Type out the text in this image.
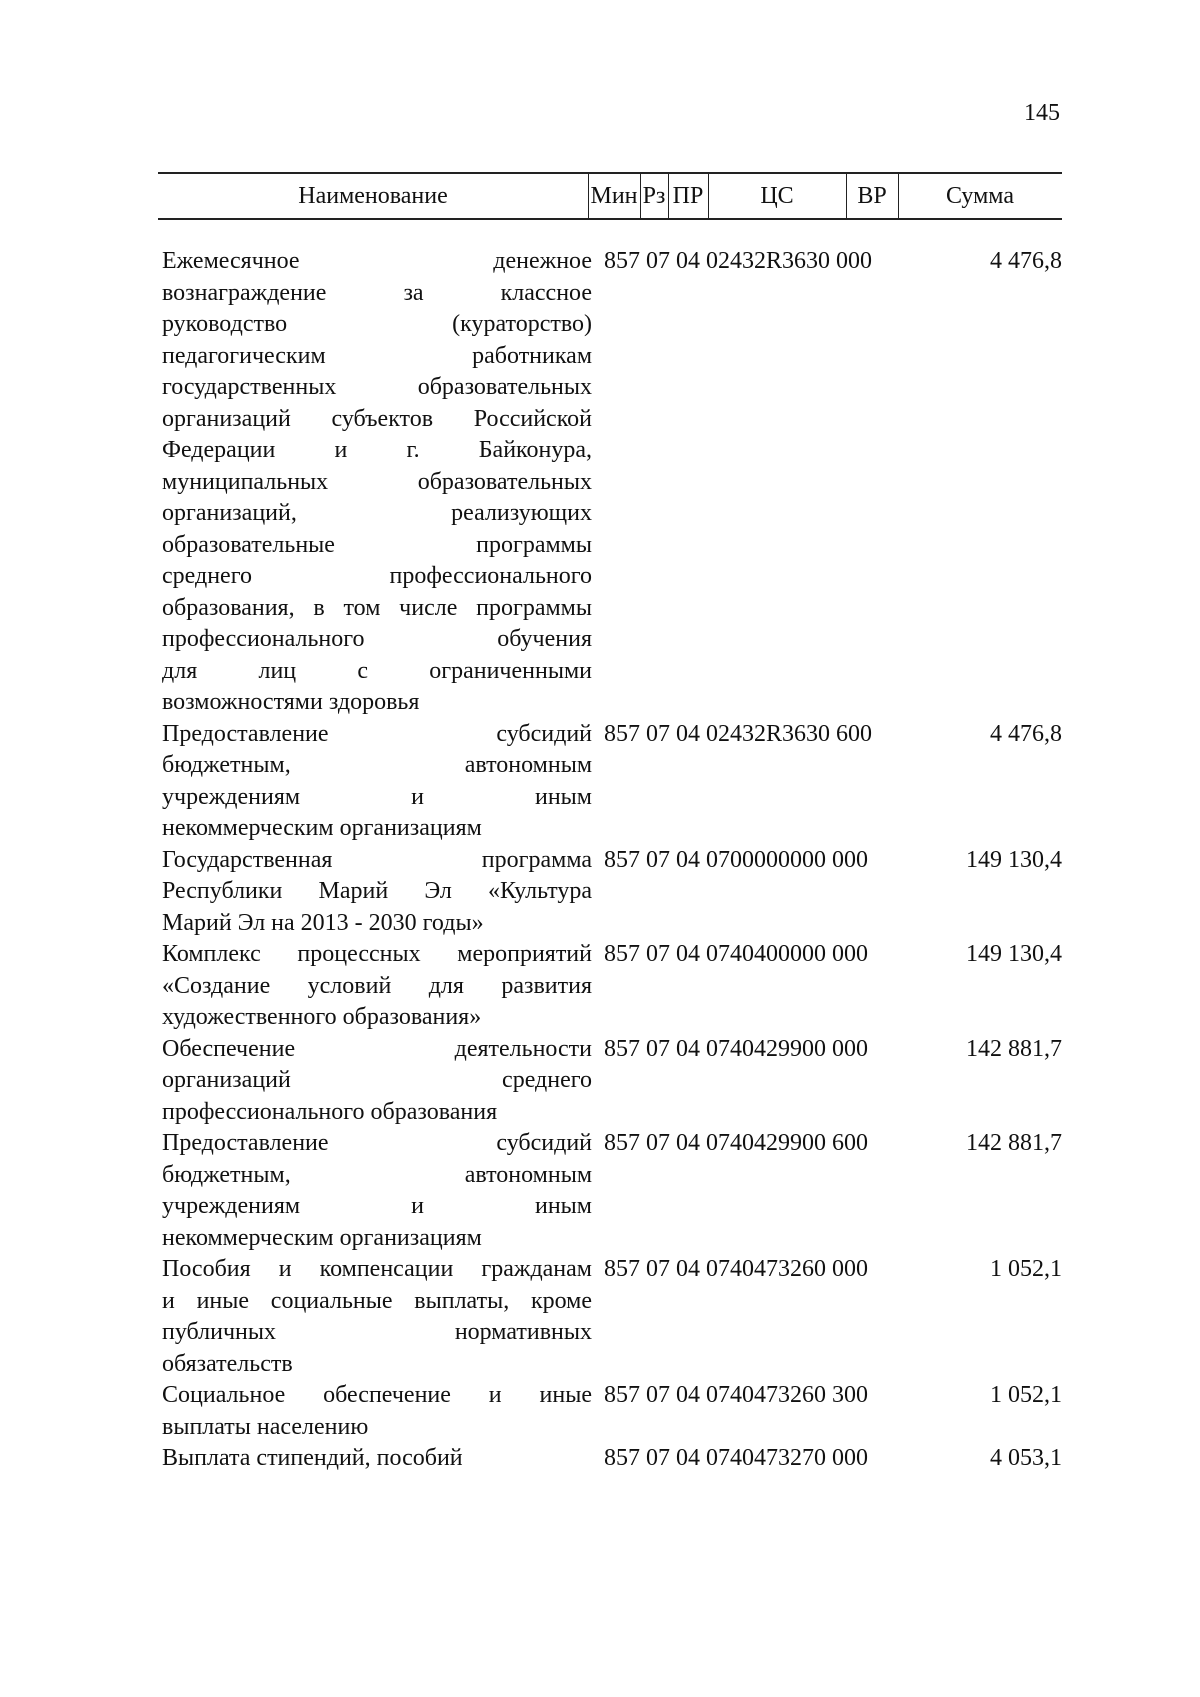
145
Наименование	Мин Рз ПР	ЦС	ВР	Сумма
Ежемесячное денежное
вознаграждение за классное
руководство (кураторство)
педагогическим работникам
государственных образовательных
организаций субъектов Российской
Федерации и г. Байконура,
муниципальных образовательных
организаций, реализующих
образовательные программы
среднего профессионального
образования, в том числе программы
профессионального обучения
для лиц с ограниченными
возможностями здоровья
857 07 04 02432R3630 000	4 476,8
Предоставление субсидий
бюджетным, автономным
учреждениям и иным
некоммерческим организациям
857 07 04 02432R3630 600	4 476,8
Государственная программа
Республики Марий Эл «Культура
Марий Эл на 2013 - 2030 годы»
857 07 04 0700000000 000	149 130,4
Комплекс процессных мероприятий
«Создание условий для развития
художественного образования»
857 07 04 0740400000 000	149 130,4
Обеспечение деятельности
организаций среднего
профессионального образования
857 07 04 0740429900 000	142 881,7
Предоставление субсидий
бюджетным, автономным
учреждениям и иным
некоммерческим организациям
857 07 04 0740429900 600	142 881,7
Пособия и компенсации гражданам
и иные социальные выплаты, кроме
публичных нормативных
обязательств
857 07 04 0740473260 000	1 052,1
Социальное обеспечение и иные
выплаты населению
857 07 04 0740473260 300	1 052,1
Выплата стипендий, пособий	857 07 04 0740473270 000	4 053,1
